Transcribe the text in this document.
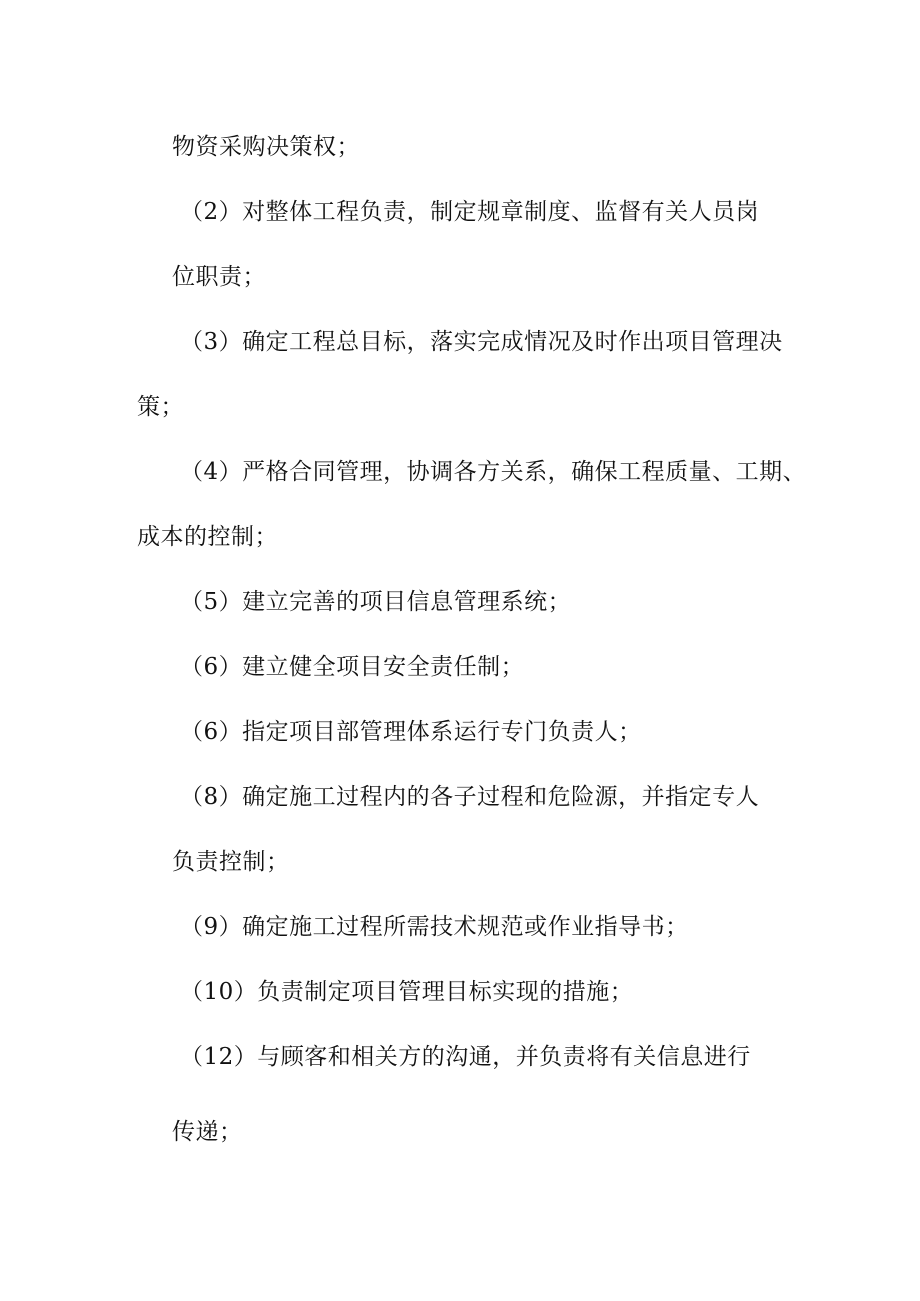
物资采购决策权；
（2）对整体工程负责，制定规章制度、监督有关人员岗
位职责；
（3）确定工程总目标，落实完成情况及时作出项目管理决
策；
（4）严格合同管理，协调各方关系，确保工程质量、工期、
成本的控制；
（5）建立完善的项目信息管理系统；
（6）建立健全项目安全责任制；
（6）指定项目部管理体系运行专门负责人；
（8）确定施工过程内的各子过程和危险源，并指定专人
负责控制；
（9）确定施工过程所需技术规范或作业指导书；
（10）负责制定项目管理目标实现的措施；
（12）与顾客和相关方的沟通，并负责将有关信息进行
传递；
